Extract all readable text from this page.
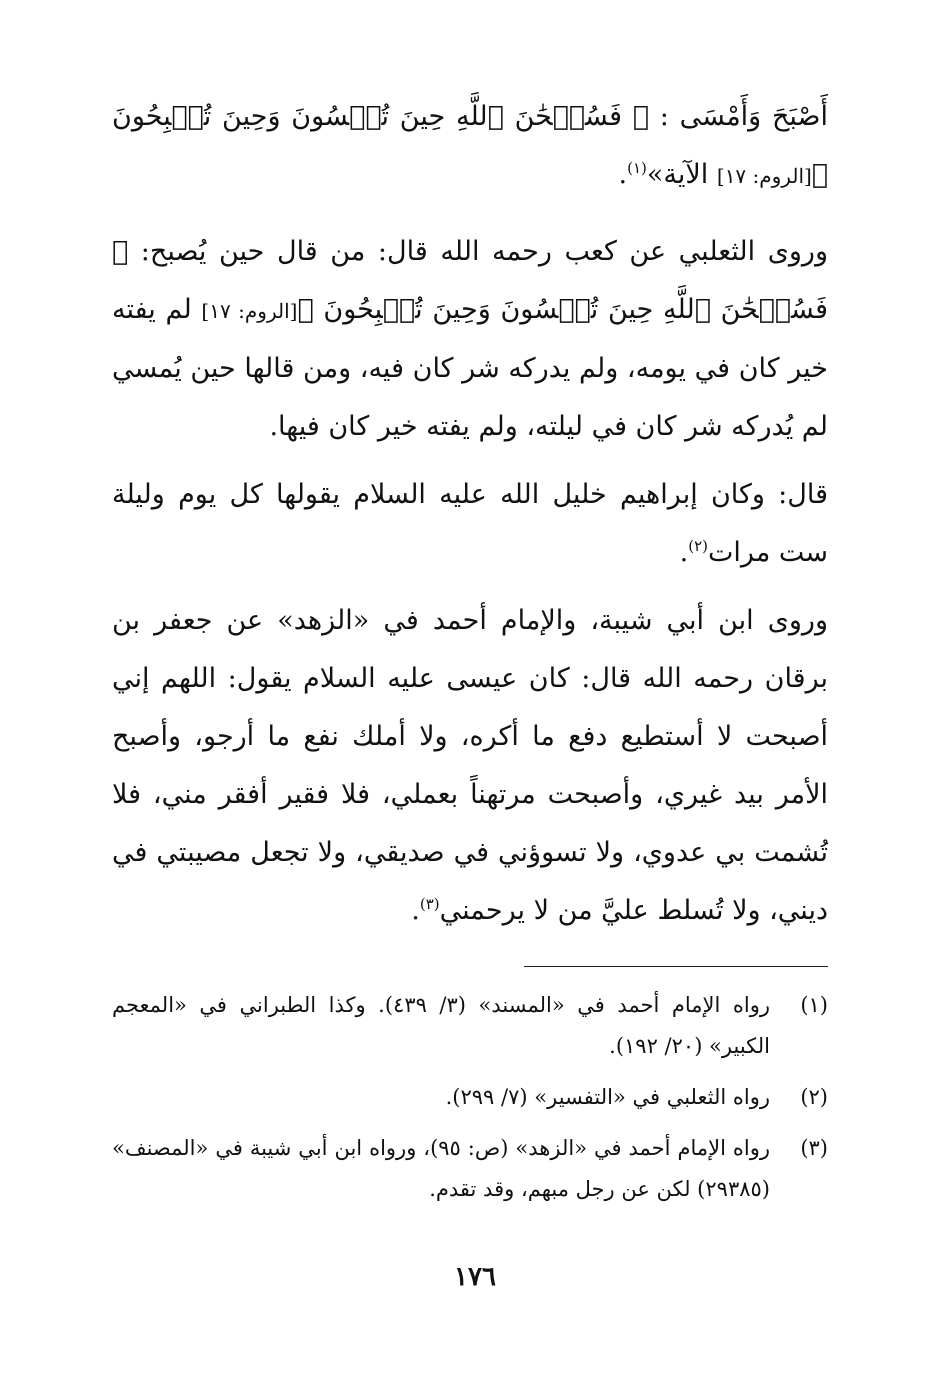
أَصْبَحَ وَأَمْسَى : ﴿ فَسُبۡحَٰنَ ٱللَّهِ حِينَ تُمۡسُونَ وَحِينَ تُصۡبِحُونَ ﴾[الروم: ١٧] الآية»$^{(١)}$.

وروى الثعلبي عن كعب رحمه الله قال: من قال حين يُصبح: ﴿ فَسُبۡحَٰنَ ٱللَّهِ حِينَ تُمۡسُونَ وَحِينَ تُصۡبِحُونَ ﴾[الروم: ١٧] لم يفته خير كان في يومه، ولم يدركه شر كان فيه، ومن قالها حين يُمسي لم يُدركه شر كان في ليلته، ولم يفته خير كان فيها.

قال: وكان إبراهيم خليل الله عليه السلام يقولها كل يوم وليلة ست مرات$^{(٢)}$.

وروى ابن أبي شيبة، والإمام أحمد في «الزهد» عن جعفر بن برقان رحمه الله قال: كان عيسى عليه السلام يقول: اللهم إني أصبحت لا أستطيع دفع ما أكره، ولا أملك نفع ما أرجو، وأصبح الأمر بيد غيري، وأصبحت مرتهناً بعملي، فلا فقير أفقر مني، فلا تُشمت بي عدوي، ولا تسوؤني في صديقي، ولا تجعل مصيبتي في ديني، ولا تُسلط عليَّ من لا يرحمني$^{(٣)}$.

(١)
رواه الإمام أحمد في «المسند» (٣/ ٤٣٩). وكذا الطبراني في «المعجم الكبير» (٢٠/ ١٩٢).
(٢)
رواه الثعلبي في «التفسير» (٧/ ٢٩٩).
(٣)
رواه الإمام أحمد في «الزهد» (ص: ٩٥)، ورواه ابن أبي شيبة في «المصنف» (٢٩٣٨٥) لكن عن رجل مبهم، وقد تقدم.
١٧٦
